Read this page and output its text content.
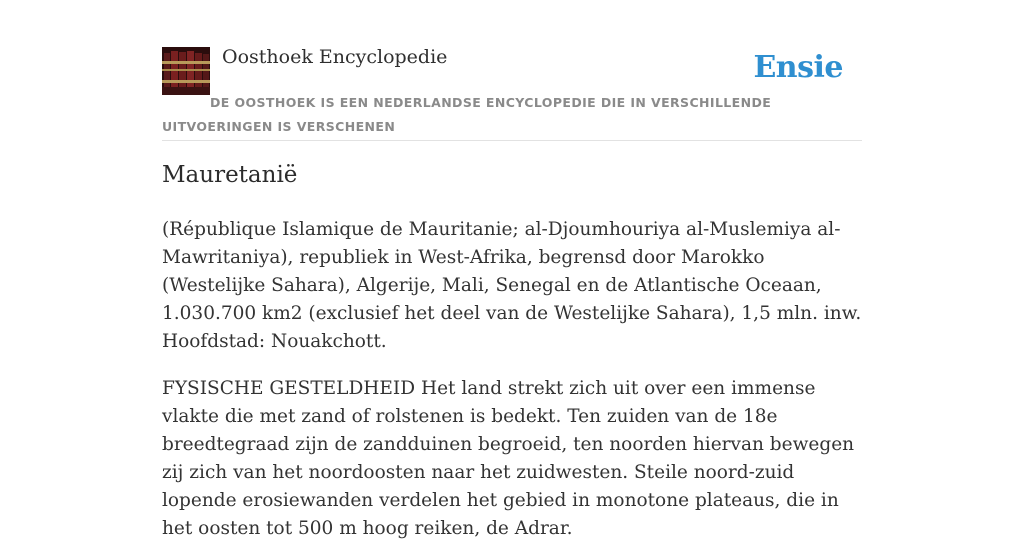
Oosthoek Encyclopedie	Ensie
DE OOSTHOEK IS EEN NEDERLANDSE ENCYCLOPEDIE DIE IN VERSCHILLENDE UITVOERINGEN IS VERSCHENEN
Mauretanië

(République Islamique de Mauritanie; al-Djoumhouriya al-Muslemiya al-Mawritaniya), republiek in West-Afrika, begrensd door Marokko (Westelijke Sahara), Algerije, Mali, Senegal en de Atlantische Oceaan, 1.030.700 km2 (exclusief het deel van de Westelijke Sahara), 1,5 mln. inw. Hoofdstad: Nouakchott.

FYSISCHE GESTELDHEID Het land strekt zich uit over een immense vlakte die met zand of rolstenen is bedekt. Ten zuiden van de 18e breedtegraad zijn de zandduinen begroeid, ten noorden hiervan bewegen zij zich van het noordoosten naar het zuidwesten. Steile noord-zuid lopende erosiewanden verdelen het gebied in monotone plateaus, die in het oosten tot 500 m hoog reiken, de Adrar.
